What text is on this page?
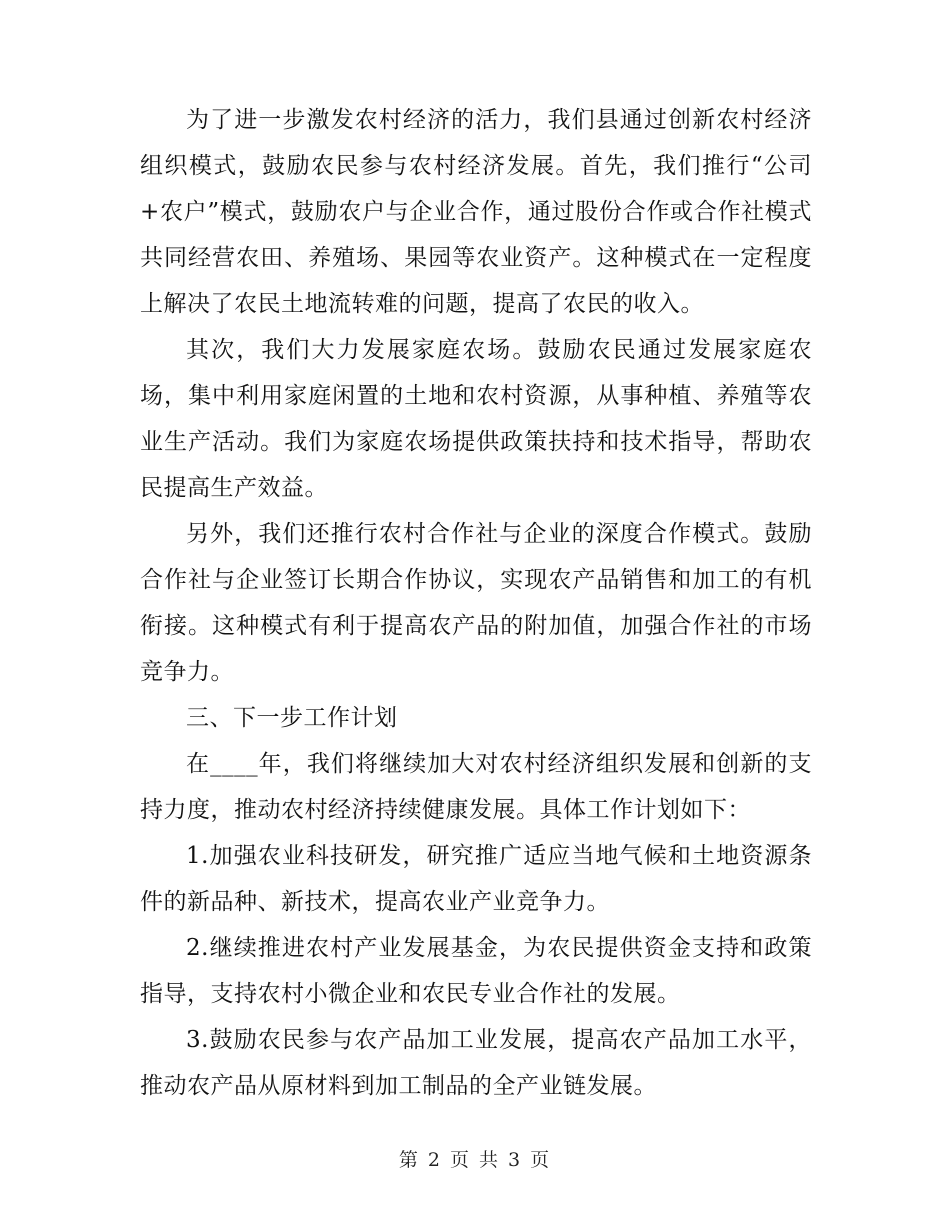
为了进一步激发农村经济的活力，我们县通过创新农村经济组织模式，鼓励农民参与农村经济发展。首先，我们推行“公司+农户”模式，鼓励农户与企业合作，通过股份合作或合作社模式共同经营农田、养殖场、果园等农业资产。这种模式在一定程度上解决了农民土地流转难的问题，提高了农民的收入。

其次，我们大力发展家庭农场。鼓励农民通过发展家庭农场，集中利用家庭闲置的土地和农村资源，从事种植、养殖等农业生产活动。我们为家庭农场提供政策扶持和技术指导，帮助农民提高生产效益。

另外，我们还推行农村合作社与企业的深度合作模式。鼓励合作社与企业签订长期合作协议，实现农产品销售和加工的有机衔接。这种模式有利于提高农产品的附加值，加强合作社的市场竞争力。

三、下一步工作计划

在____年，我们将继续加大对农村经济组织发展和创新的支持力度，推动农村经济持续健康发展。具体工作计划如下：

1.加强农业科技研发，研究推广适应当地气候和土地资源条件的新品种、新技术，提高农业产业竞争力。

2.继续推进农村产业发展基金，为农民提供资金支持和政策指导，支持农村小微企业和农民专业合作社的发展。

3.鼓励农民参与农产品加工业发展，提高农产品加工水平，推动农产品从原材料到加工制品的全产业链发展。

第 2 页 共 3 页
